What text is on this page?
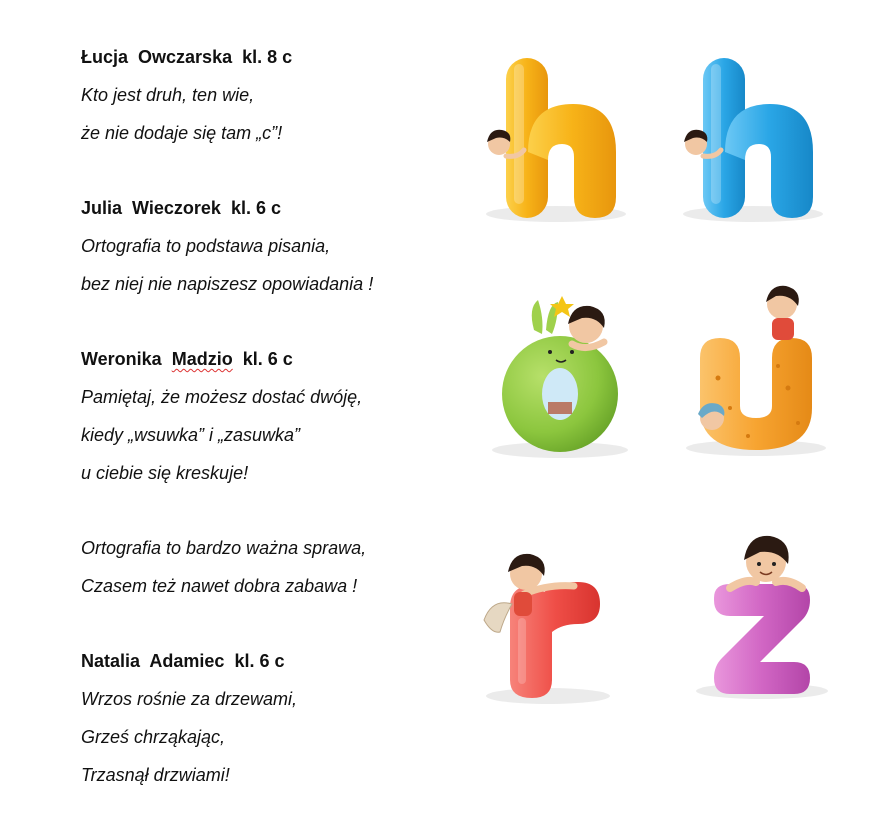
Łucja Owczarska kl. 8 c
Kto jest druh, ten wie,
że nie dodaje się tam „c”!
Julia Wieczorek kl. 6 c
Ortografia to podstawa pisania,
bez niej nie napiszesz opowiadania !
Weronika Madzio kl. 6 c
Pamiętaj, że możesz dostać dwóję,
kiedy „wsuwka” i „zasuwka”
u ciebie się kreskuje!
Ortografia to bardzo ważna sprawa,
Czasem też nawet dobra zabawa !
Natalia Adamiec kl. 6 c
Wrzos rośnie za drzewami,
Grześ chrząkając,
Trzasnął drzwiami!
